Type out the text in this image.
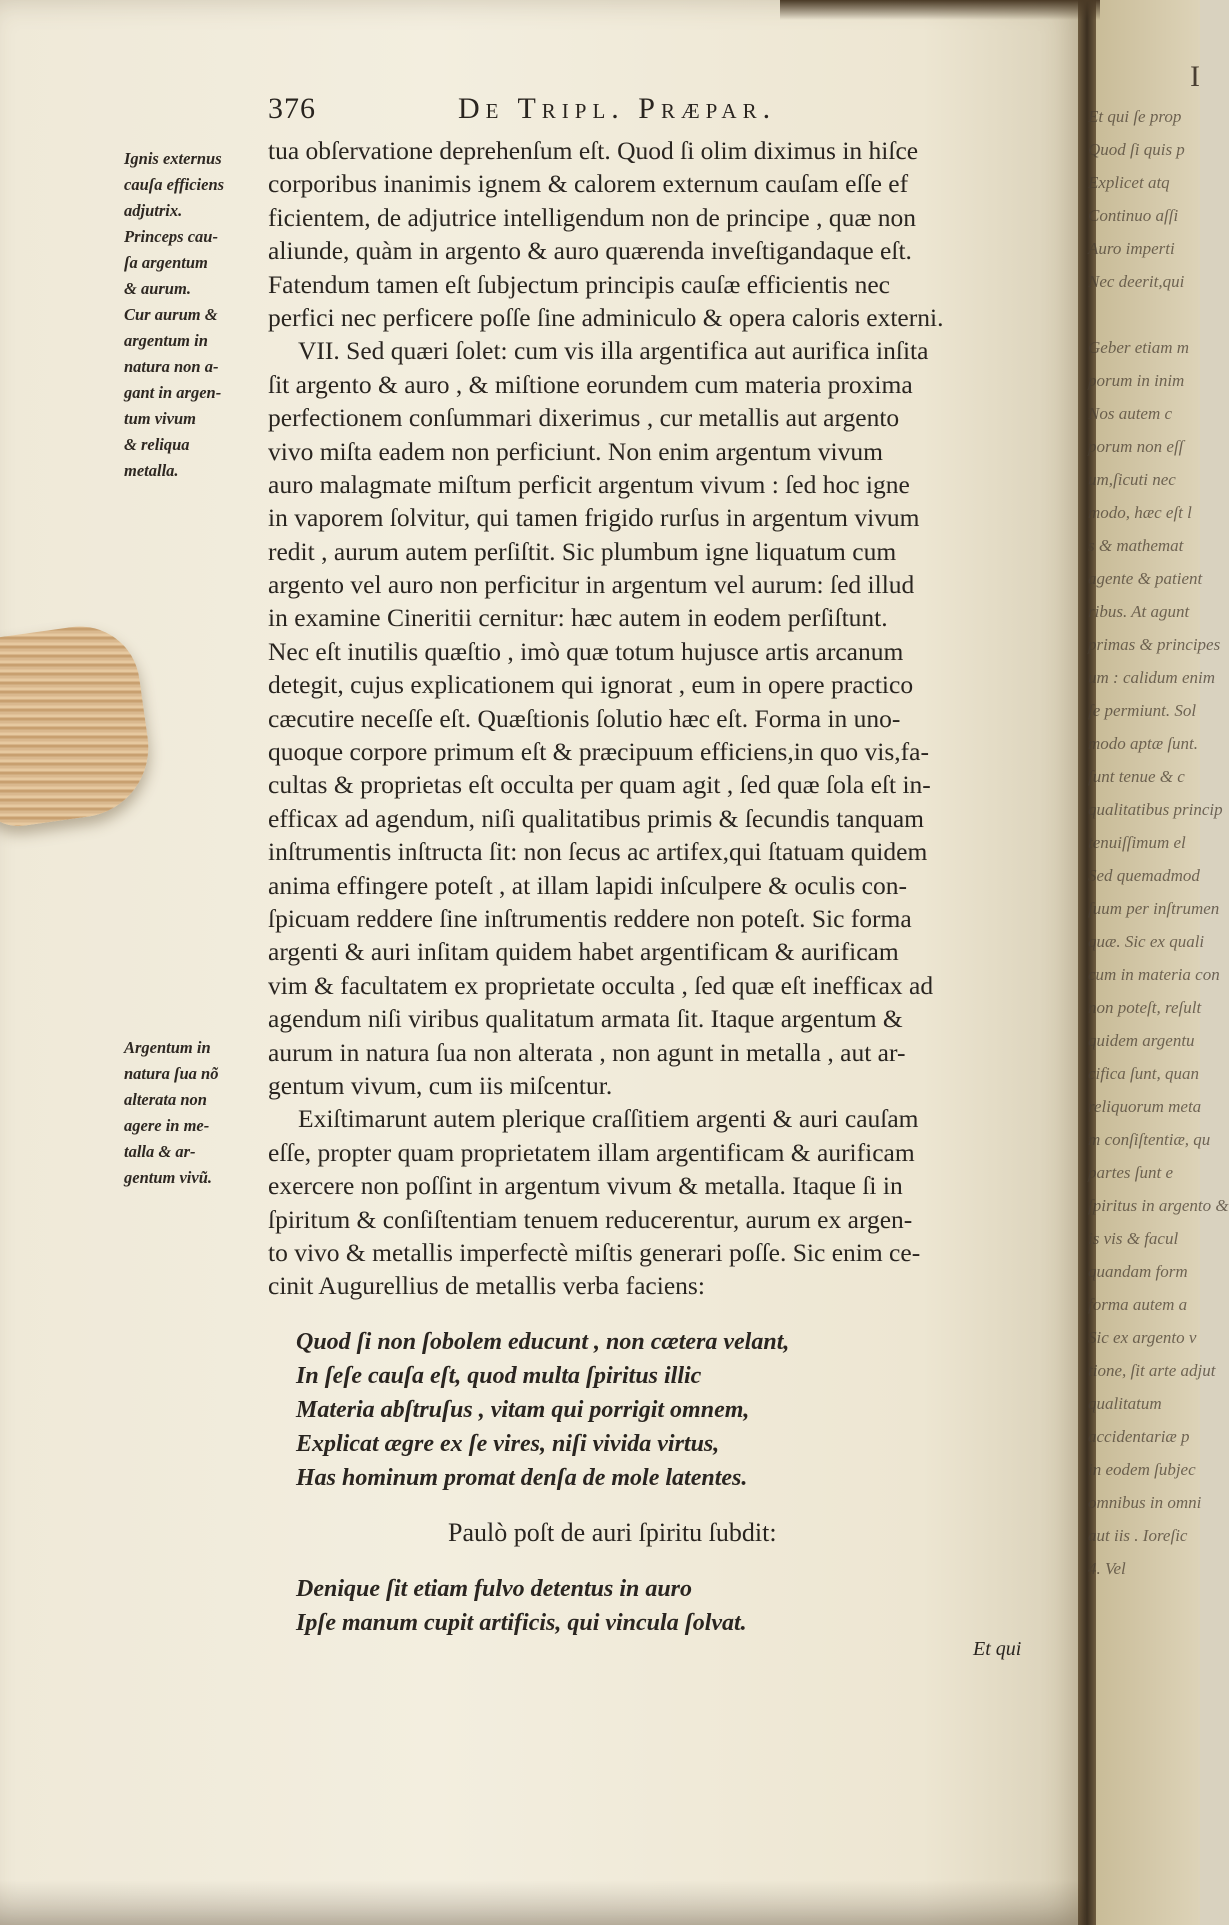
376	De Tripl. Præpar.
Ignis externus
cauſa efficiens
adjutrix.
Princeps cau-
ſa argentum
& aurum.
Cur aurum &
argentum in
natura non a-
gant in argen-
tum vivum
& reliqua
metalla.
Argentum in
natura ſua nõ
alterata non
agere in me-
talla & ar-
gentum vivũ.
tua obſervatione deprehenſum eſt. Quod ſi olim diximus in hiſce
corporibus inanimis ignem & calorem externum cauſam eſſe ef
ficientem, de adjutrice intelligendum non de principe , quæ non
aliunde, quàm in argento & auro quærenda inveſtigandaque eſt.
Fatendum tamen eſt ſubjectum principis cauſæ efficientis nec
perfici nec perficere poſſe ſine adminiculo & opera caloris externi.
VII. Sed quæri ſolet: cum vis illa argentifica aut aurifica inſita
ſit argento & auro , & miſtione eorundem cum materia proxima
perfectionem conſummari dixerimus , cur metallis aut argento
vivo miſta eadem non perficiunt. Non enim argentum vivum
auro malagmate miſtum perficit argentum vivum : ſed hoc igne
in vaporem ſolvitur, qui tamen frigido rurſus in argentum vivum
redit , aurum autem perſiſtit. Sic plumbum igne liquatum cum
argento vel auro non perficitur in argentum vel aurum: ſed illud
in examine Cineritii cernitur: hæc autem in eodem perſiſtunt.
Nec eſt inutilis quæſtio , imò quæ totum hujusce artis arcanum
detegit, cujus explicationem qui ignorat , eum in opere practico
cæcutire neceſſe eſt. Quæſtionis ſolutio hæc eſt. Forma in uno-
quoque corpore primum eſt & præcipuum efficiens,in quo vis,fa-
cultas & proprietas eſt occulta per quam agit , ſed quæ ſola eſt in-
efficax ad agendum, niſi qualitatibus primis & ſecundis tanquam
inſtrumentis inſtructa ſit: non ſecus ac artifex,qui ſtatuam quidem
anima effingere poteſt , at illam lapidi inſculpere & oculis con-
ſpicuam reddere ſine inſtrumentis reddere non poteſt. Sic forma
argenti & auri inſitam quidem habet argentificam & aurificam
vim & facultatem ex proprietate occulta , ſed quæ eſt inefficax ad
agendum niſi viribus qualitatum armata ſit. Itaque argentum &
aurum in natura ſua non alterata , non agunt in metalla , aut ar-
gentum vivum, cum iis miſcentur.
Exiſtimarunt autem plerique craſſitiem argenti & auri cauſam
eſſe, propter quam proprietatem illam argentificam & aurificam
exercere non poſſint in argentum vivum & metalla. Itaque ſi in
ſpiritum & conſiſtentiam tenuem reducerentur, aurum ex argen-
to vivo & metallis imperfectè miſtis generari poſſe. Sic enim ce-
cinit Augurellius de metallis verba faciens:
Quod ſi non ſobolem educunt , non cætera velant,
In ſeſe cauſa eſt, quod multa ſpiritus illic
Materia abſtruſus , vitam qui porrigit omnem,
Explicat ægre ex ſe vires, niſi vivida virtus,
Has hominum promat denſa de mole latentes.
Paulò poſt de auri ſpiritu ſubdit:
Denique ſit etiam fulvo detentus in auro
Ipſe manum cupit artificis, qui vincula ſolvat.
Et qui
Et qui ſe prop
Quod ſi quis p
Explicet atq
Continuo aſſi
Auro imperti
Nec deerit,qui
Geber etiam m
porum in inim
Nos autem c
porum non eſſ
um,ſicuti nec
modo, hæc eſt l
s & mathemat
agente & patient
ribus. At agunt
primas & principes
um : calidum enim
ſe permiunt. Sol
modo aptæ ſunt.
ſunt tenue & c
qualitatibus princip
tenuiſſimum el
Sed quemadmod
ſuum per inſtrumen
quæ. Sic ex quali
cum in materia con
non poteſt, reſult
quidem argentu
cifica ſunt, quan
reliquorum meta
m conſiſtentiæ, qu
partes ſunt e
ſpiritus in argento &
is vis & facul
quandam form
forma autem a
Sic ex argento v
tione, ſit arte adjut
qualitatum
accidentariæ p
in eodem ſubjec
omnibus in omni
aut iis . Ioreſic
4. Vel
I
